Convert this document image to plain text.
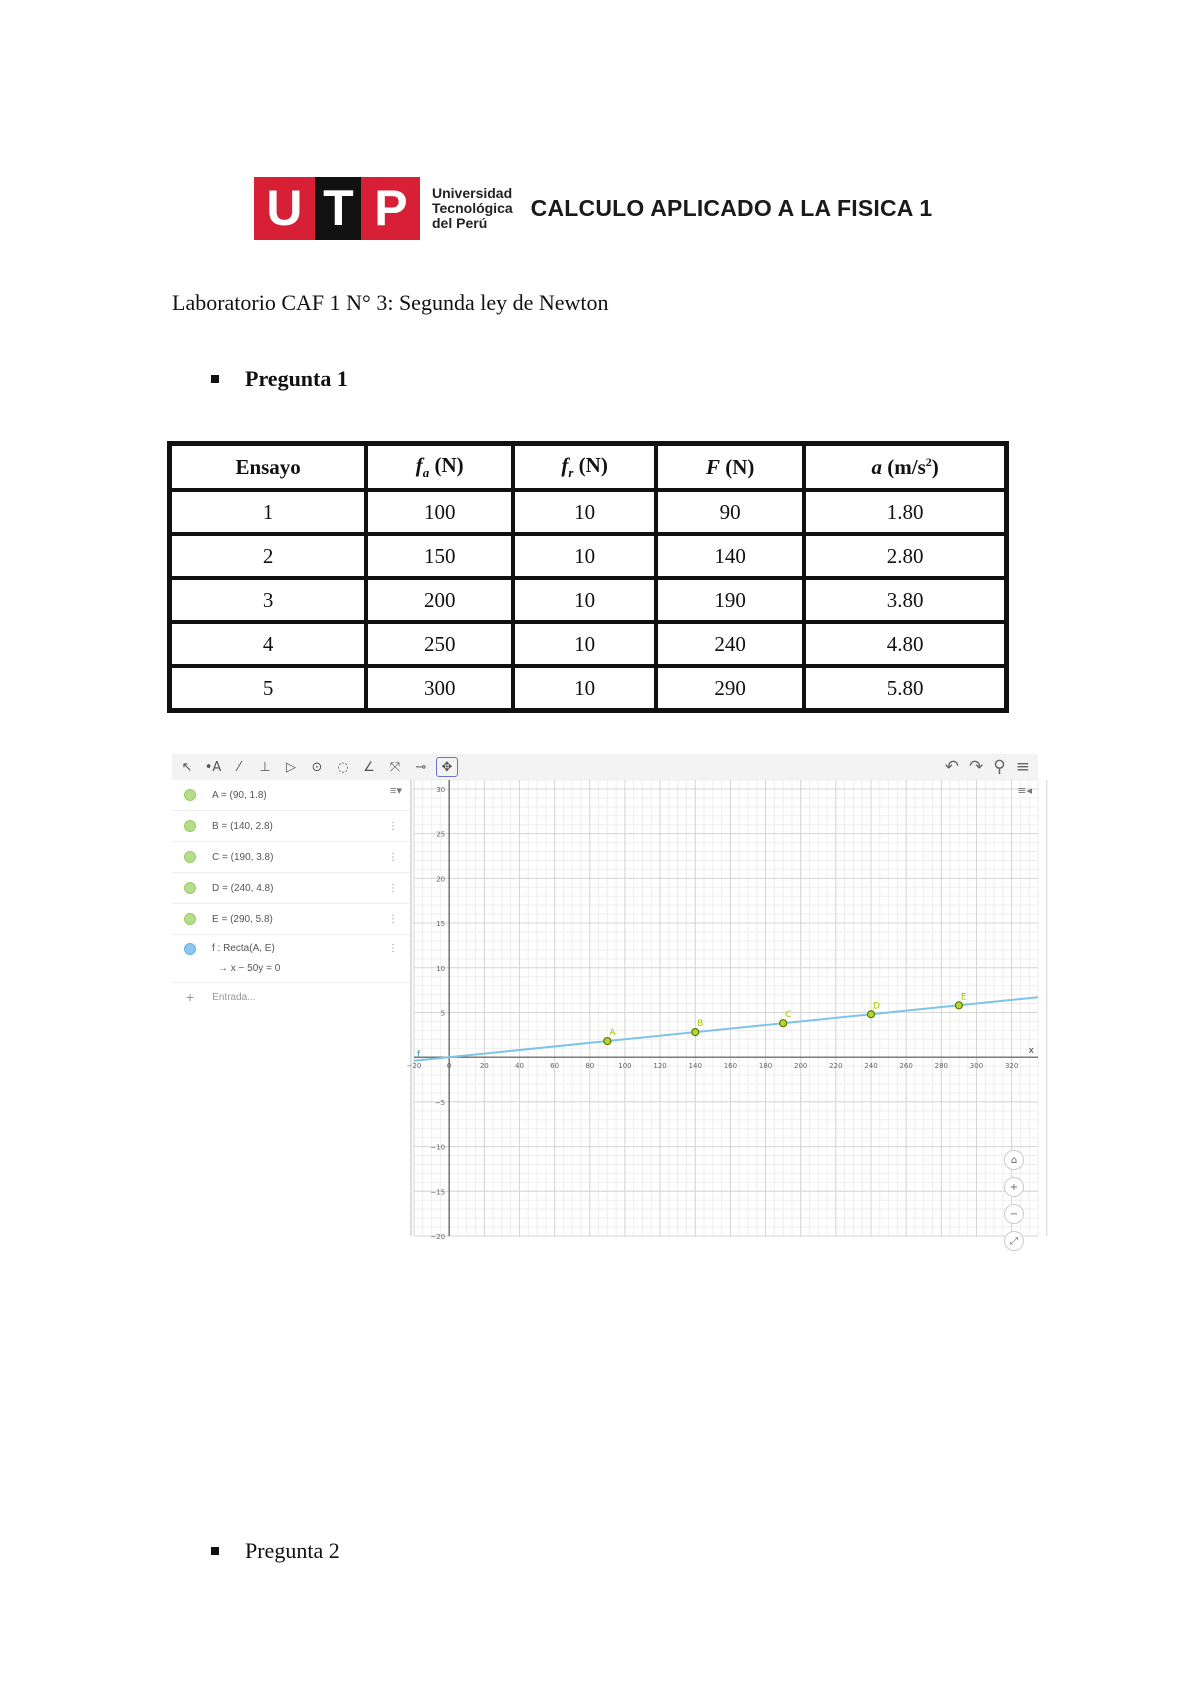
U T P Universidad
Tecnológica
del Perú
CALCULO APLICADO A LA FISICA 1
Laboratorio CAF 1 N° 3: Segunda ley de Newton
Pregunta 1
Ensayo	$f_a$ (N)	$f_r$ (N)	F (N)	a $(m/s^2)$
1	100	10	90	1.80
2	150	10	140	2.80
3	200	10	190	3.80
4	250	10	240	4.80
5	300	10	290	5.80
↖ •A	⁄	⊥	▷	⊙	◌	∠	⤧	⊸	✥	↶ ↷ ⚲ ≡
≡▾
A = (90, 1.8)
B = (140, 2.8)	⋮
C = (190, 3.8)	⋮
D = (240, 4.8)	⋮
E = (290, 5.8)	⋮
f : Recta(A, E)
→ x − 50y = 0
⋮
+ Entrada...
x
−20	0	20	40	60	80	100	120	140	160	180	200	220	240	260	280	300	320
−20
−15
−10
−5
5
10
15
20
25
30
f
A
B
C
D
E
≡◂
⌂
+
−
⤢
Pregunta 2
